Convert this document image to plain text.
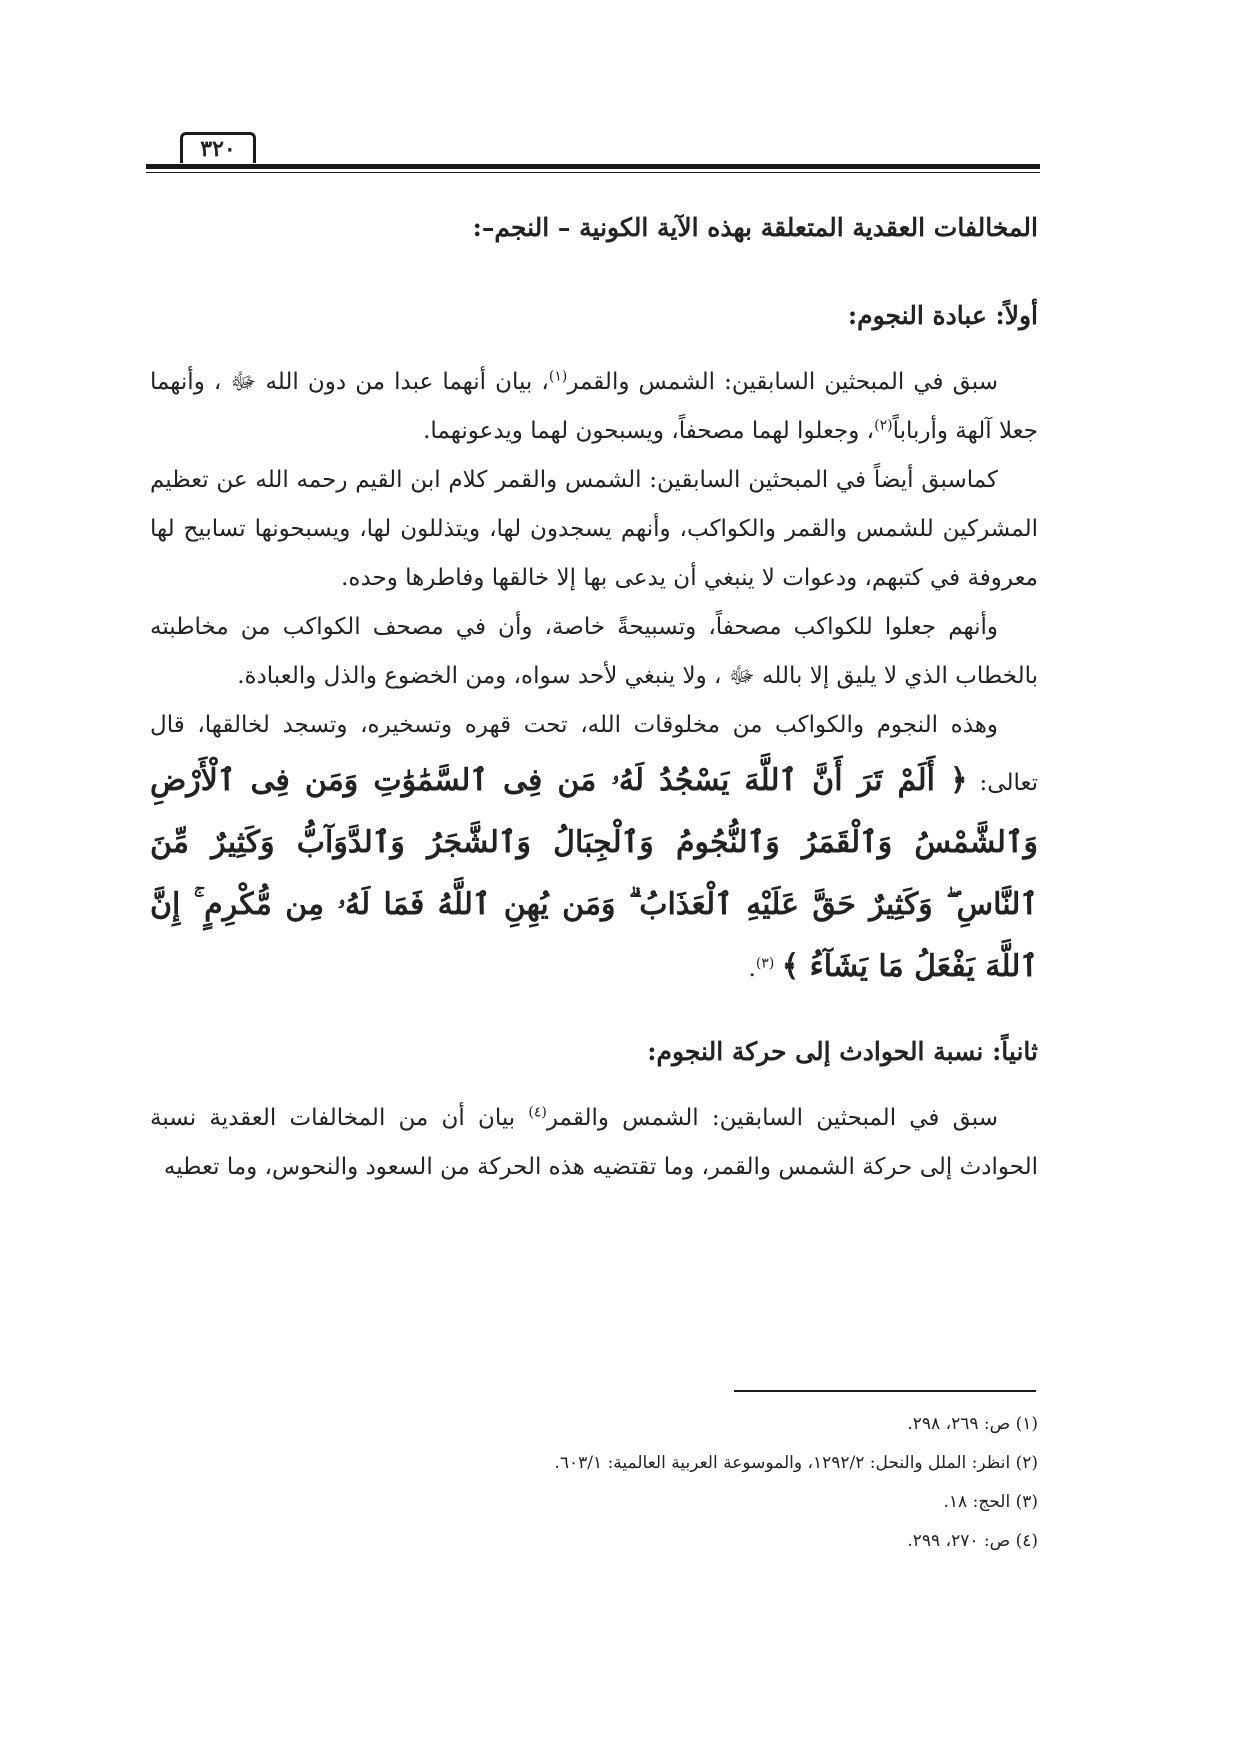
٣٢٠
المخالفات العقدية المتعلقة بهذه الآية الكونية – النجم–:
أولاً: عبادة النجوم:

سبق في المبحثين السابقين: الشمس والقمر$^{(١)}$، بيان أنهما عبدا من دون الله ﷻ ، وأنهما جعلا آلهة وأرباباً$^{(٢)}$، وجعلوا لهما مصحفاً، ويسبحون لهما ويدعونهما.

كماسبق أيضاً في المبحثين السابقين: الشمس والقمر كلام ابن القيم رحمه الله عن تعظيم المشركين للشمس والقمر والكواكب، وأنهم يسجدون لها، ويتذللون لها، ويسبحونها تسابيح لها معروفة في كتبهم، ودعوات لا ينبغي أن يدعى بها إلا خالقها وفاطرها وحده.

وأنهم جعلوا للكواكب مصحفاً، وتسبيحةً خاصة، وأن في مصحف الكواكب من مخاطبته بالخطاب الذي لا يليق إلا بالله ﷻ ، ولا ينبغي لأحد سواه، ومن الخضوع والذل والعبادة.

وهذه النجوم والكواكب من مخلوقات الله، تحت قهره وتسخيره، وتسجد لخالقها، قال تعالى: ﴿ أَلَمْ تَرَ أَنَّ ٱللَّهَ يَسْجُدُ لَهُۥ مَن فِى ٱلسَّمَٰوَٰتِ وَمَن فِى ٱلْأَرْضِ وَٱلشَّمْسُ وَٱلْقَمَرُ وَٱلنُّجُومُ وَٱلْجِبَالُ وَٱلشَّجَرُ وَٱلدَّوَآبُّ وَكَثِيرٌ مِّنَ ٱلنَّاسِ ۖ وَكَثِيرٌ حَقَّ عَلَيْهِ ٱلْعَذَابُ ۗ وَمَن يُهِنِ ٱللَّهُ فَمَا لَهُۥ مِن مُّكْرِمٍ ۚ إِنَّ ٱللَّهَ يَفْعَلُ مَا يَشَآءُ ﴾ $^{(٣)}$.

ثانياً: نسبة الحوادث إلى حركة النجوم:

سبق في المبحثين السابقين: الشمس والقمر$^{(٤)}$ بيان أن من المخالفات العقدية نسبة الحوادث إلى حركة الشمس والقمر، وما تقتضيه هذه الحركة من السعود والنحوس، وما تعطيه

(١) ص: ٢٦٩، ٢٩٨.
(٢) انظر: الملل والنحل: ١٢٩٢/٢، والموسوعة العربية العالمية: ٦٠٣/١.
(٣) الحج: ١٨.
(٤) ص: ٢٧٠، ٢٩٩.
